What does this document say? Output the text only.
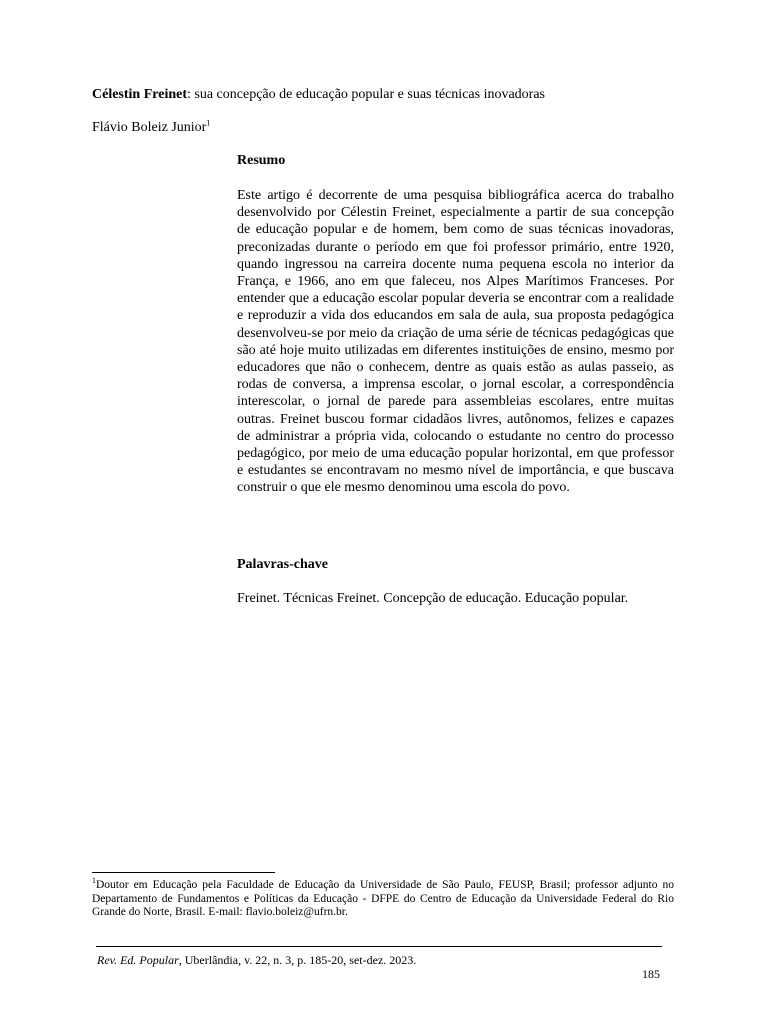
Célestin Freinet: sua concepção de educação popular e suas técnicas inovadoras
Flávio Boleiz Junior$^1$
Resumo

Este artigo é decorrente de uma pesquisa bibliográfica acerca do trabalho desenvolvido por Célestin Freinet, especialmente a partir de sua concepção de educação popular e de homem, bem como de suas técnicas inovadoras, preconizadas durante o período em que foi professor primário, entre 1920, quando ingressou na carreira docente numa pequena escola no interior da França, e 1966, ano em que faleceu, nos Alpes Marítimos Franceses. Por entender que a educação escolar popular deveria se encontrar com a realidade e reproduzir a vida dos educandos em sala de aula, sua proposta pedagógica desenvolveu-se por meio da criação de uma série de técnicas pedagógicas que são até hoje muito utilizadas em diferentes instituições de ensino, mesmo por educadores que não o conhecem, dentre as quais estão as aulas passeio, as rodas de conversa, a imprensa escolar, o jornal escolar, a correspondência interescolar, o jornal de parede para assembleias escolares, entre muitas outras. Freinet buscou formar cidadãos livres, autônomos, felizes e capazes de administrar a própria vida, colocando o estudante no centro do processo pedagógico, por meio de uma educação popular horizontal, em que professor e estudantes se encontravam no mesmo nível de importância, e que buscava construir o que ele mesmo denominou uma escola do povo.

Palavras-chave
Freinet. Técnicas Freinet. Concepção de educação. Educação popular.

$^1$Doutor em Educação pela Faculdade de Educação da Universidade de São Paulo, FEUSP, Brasil; professor adjunto no Departamento de Fundamentos e Políticas da Educação - DFPE do Centro de Educação da Universidade Federal do Rio Grande do Norte, Brasil. E-mail: flavio.boleiz@ufrn.br.

Rev. Ed. Popular, Uberlândia, v. 22, n. 3, p. 185-20, set-dez. 2023.
185
